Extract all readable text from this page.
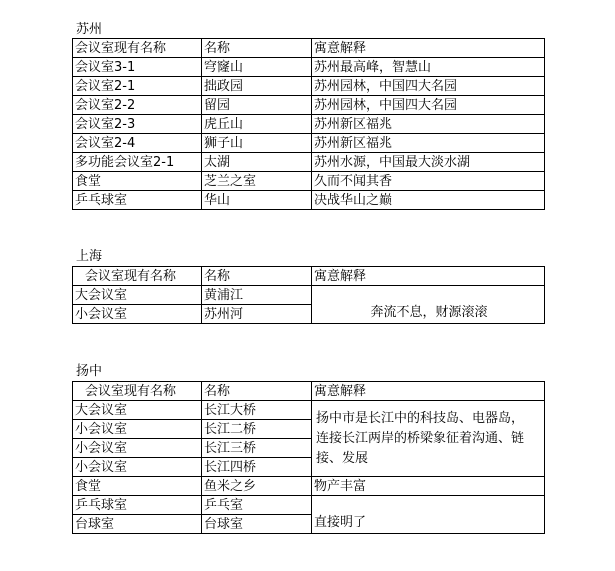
苏州
会议室现有名称	名称	寓意解释
会议室3-1	穹窿山	苏州最高峰，智慧山
会议室2-1	拙政园	苏州园林，中国四大名园
会议室2-2	留园	苏州园林，中国四大名园
会议室2-3	虎丘山	苏州新区福兆
会议室2-4	狮子山	苏州新区福兆
多功能会议室2-1	太湖	苏州水源，中国最大淡水湖
食堂	芝兰之室	久而不闻其香
乒乓球室	华山	决战华山之巅
上海
会议室现有名称	名称	寓意解释
大会议室	黄浦江	奔流不息，财源滚滚
小会议室	苏州河	
扬中
会议室现有名称	名称	寓意解释
大会议室	长江大桥	扬中市是长江中的科技岛、电器岛，连接长江两岸的桥梁象征着沟通、链接、发展
小会议室	长江二桥	
小会议室	长江三桥	
小会议室	长江四桥	
食堂	鱼米之乡	物产丰富
乒乓球室	乒乓室	直接明了
台球室	台球室	
